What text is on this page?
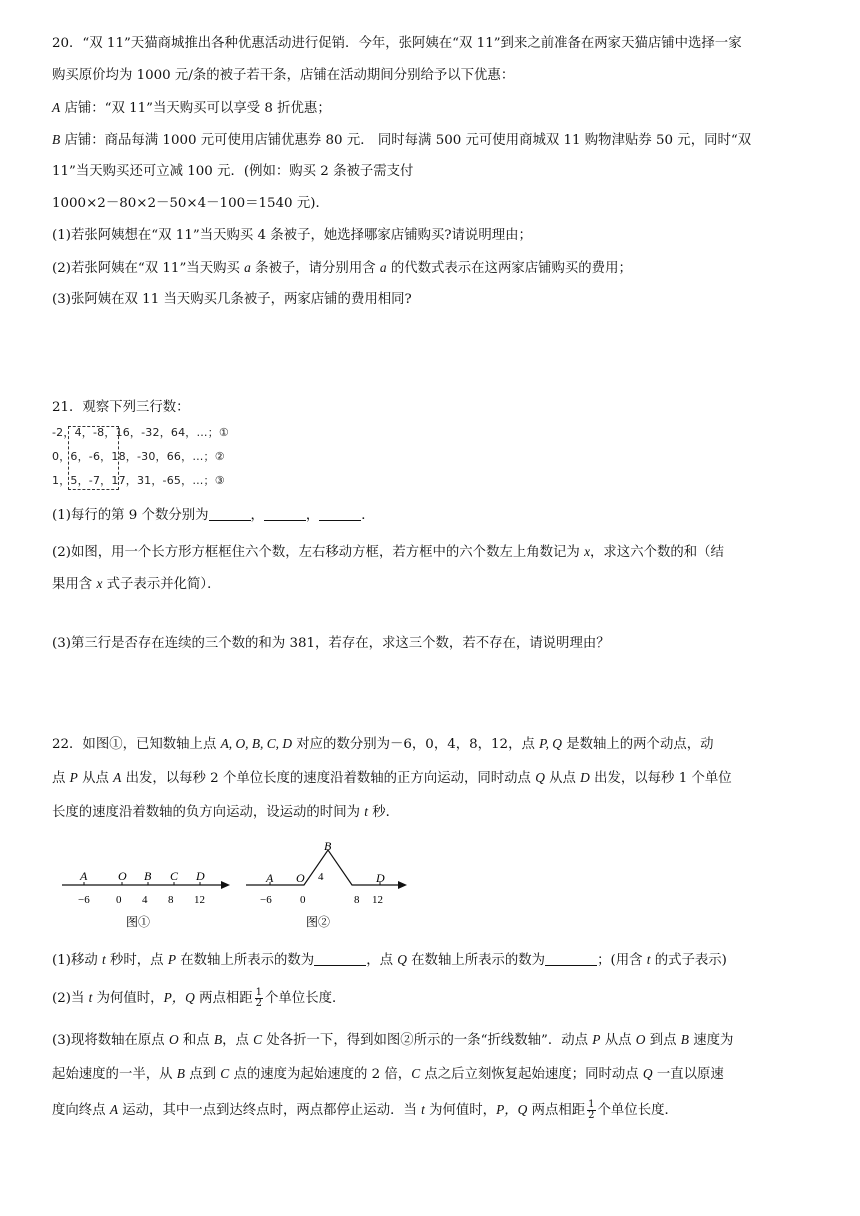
20．“双 11”天猫商城推出各种优惠活动进行促销．今年，张阿姨在“双 11”到来之前准备在两家天猫店铺中选择一家
购买原价均为 1000 元/条的被子若干条，店铺在活动期间分别给予以下优惠：
A 店铺：“双 11”当天购买可以享受 8 折优惠；
B 店铺：商品每满 1000 元可使用店铺优惠券 80 元． 同时每满 500 元可使用商城双 11 购物津贴券 50 元，同时“双
11”当天购买还可立减 100 元．(例如：购买 2 条被子需支付
1000×2－80×2－50×4－100＝1540 元)．
(1)若张阿姨想在“双 11”当天购买 4 条被子，她选择哪家店铺购买?请说明理由；
(2)若张阿姨在“双 11”当天购买 a 条被子，请分别用含 a 的代数式表示在这两家店铺购买的费用；
(3)张阿姨在双 11 当天购买几条被子，两家店铺的费用相同?
21．观察下列三行数：
-2，4，-8，16，-32，64，…；①
0，6，-6，18，-30，66，…；②
1，5，-7，17，31，-65，…；③
(1)每行的第 9 个数分别为	，	，	．
(2)如图，用一个长方形方框框住六个数，左右移动方框，若方框中的六个数左上角数记为 x，求这六个数的和（结
果用含 x 式子表示并化简）．
(3)第三行是否存在连续的三个数的和为 381，若存在，求这三个数，若不存在，请说明理由？
22．如图①，已知数轴上点 A, O, B, C, D 对应的数分别为－6，0，4，8，12，点 P, Q 是数轴上的两个动点，动
点 P 从点 A 出发，以每秒 2 个单位长度的速度沿着数轴的正方向运动，同时动点 Q 从点 D 出发，以每秒 1 个单位
长度的速度沿着数轴的负方向运动，设运动的时间为 t 秒．
A
−6
O
0
B
4
C
8
D
12
图①
A
−6
O
0
B
4
8
D
12
图②
(1)移动 t 秒时，点 P 在数轴上所表示的数为	，点 Q 在数轴上所表示的数为	；(用含 t 的式子表示)
(2)当 t 为何值时，P，Q 两点相距 $\frac{1}{2}$ 个单位长度．
(3)现将数轴在原点 O 和点 B，点 C 处各折一下，得到如图②所示的一条“折线数轴”．动点 P 从点 O 到点 B 速度为
起始速度的一半，从 B 点到 C 点的速度为起始速度的 2 倍，C 点之后立刻恢复起始速度；同时动点 Q 一直以原速
度向终点 A 运动，其中一点到达终点时，两点都停止运动．当 t 为何值时，P，Q 两点相距 $\frac{1}{2}$ 个单位长度．
